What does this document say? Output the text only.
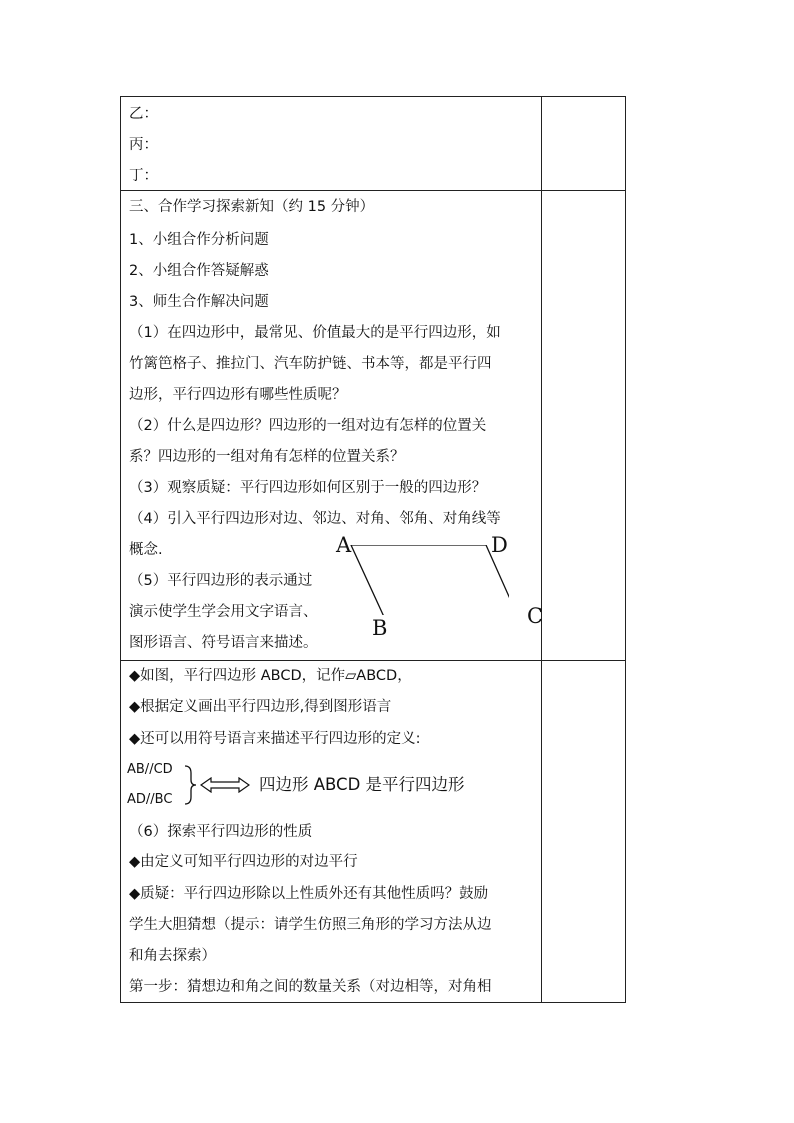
乙：
丙：
丁：
三、合作学习探索新知（约 15 分钟）
1、小组合作分析问题
2、小组合作答疑解惑
3、师生合作解决问题
（1）在四边形中，最常见、价值最大的是平行四边形，如
竹篱笆格子、推拉门、汽车防护链、书本等，都是平行四
边形，平行四边形有哪些性质呢？
（2）什么是四边形？四边形的一组对边有怎样的位置关
系？四边形的一组对角有怎样的位置关系？
（3）观察质疑：平行四边形如何区别于一般的四边形？
（4）引入平行四边形对边、邻边、对角、邻角、对角线等
概念.
（5）平行四边形的表示通过
演示使学生学会用文字语言、
图形语言、符号语言来描述。
A	D
B	C
◆如图，平行四边形 ABCD，记作▱ABCD，
◆根据定义画出平行四边形,得到图形语言
◆还可以用符号语言来描述平行四边形的定义:
AB//CD
AD//BC
四边形 ABCD 是平行四边形
（6）探索平行四边形的性质
◆由定义可知平行四边形的对边平行
◆质疑：平行四边形除以上性质外还有其他性质吗？鼓励
学生大胆猜想（提示：请学生仿照三角形的学习方法从边
和角去探索）
第一步：猜想边和角之间的数量关系（对边相等，对角相
